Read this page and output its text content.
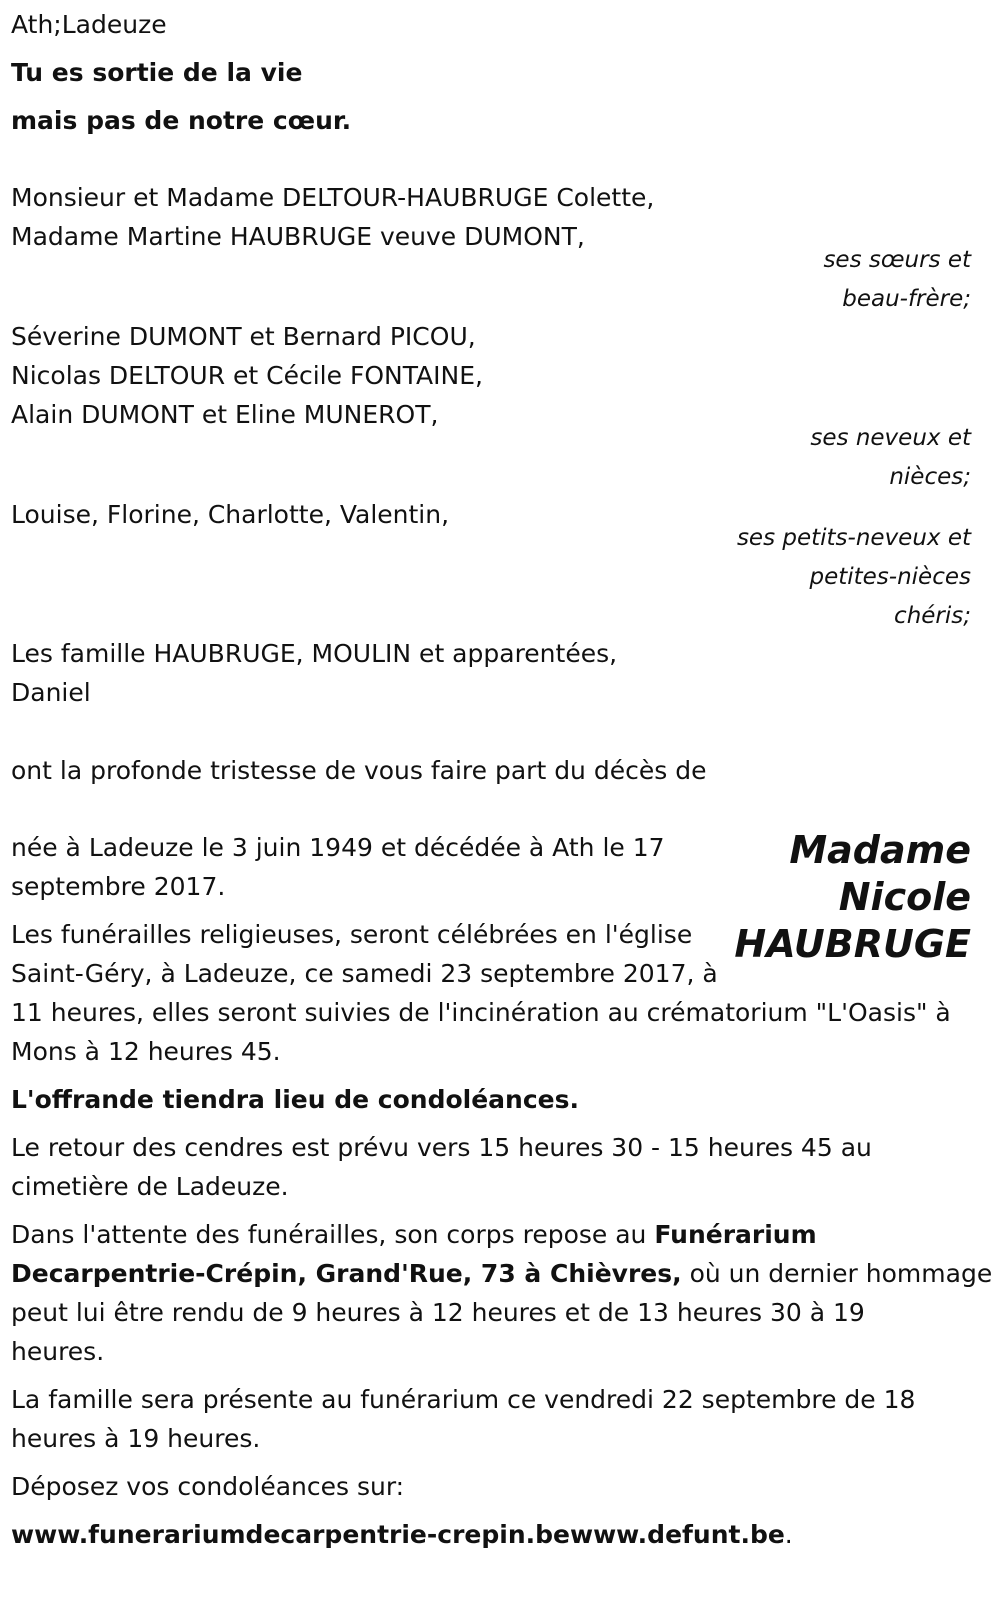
Ath;Ladeuze
Tu es sortie de la vie
mais pas de notre cœur.
Monsieur et Madame DELTOUR-HAUBRUGE Colette,
Madame Martine HAUBRUGE veuve DUMONT,
ses sœurs et
beau-frère;
Séverine DUMONT et Bernard PICOU,
Nicolas DELTOUR et Cécile FONTAINE,
Alain DUMONT et Eline MUNEROT,
ses neveux et
nièces;
Louise, Florine, Charlotte, Valentin,
ses petits-neveux et
petites-nièces
chéris;
Les famille HAUBRUGE, MOULIN et apparentées,
Daniel
ont la profonde tristesse de vous faire part du décès de
Madame
Nicole
HAUBRUGE
née à Ladeuze le 3 juin 1949 et décédée à Ath le 17
septembre 2017.
Les funérailles religieuses, seront célébrées en l'église
Saint-Géry, à Ladeuze, ce samedi 23 septembre 2017, à
11 heures, elles seront suivies de l'incinération au crématorium "L'Oasis" à
Mons à 12 heures 45.
L'offrande tiendra lieu de condoléances.
Le retour des cendres est prévu vers 15 heures 30 - 15 heures 45 au
cimetière de Ladeuze.
Dans l'attente des funérailles, son corps repose au Funérarium
Decarpentrie-Crépin, Grand'Rue, 73 à Chièvres, où un dernier hommage
peut lui être rendu de 9 heures à 12 heures et de 13 heures 30 à 19
heures.
La famille sera présente au funérarium ce vendredi 22 septembre de 18
heures à 19 heures.
Déposez vos condoléances sur:
www.funerariumdecarpentrie-crepin.bewww.defunt.be.
